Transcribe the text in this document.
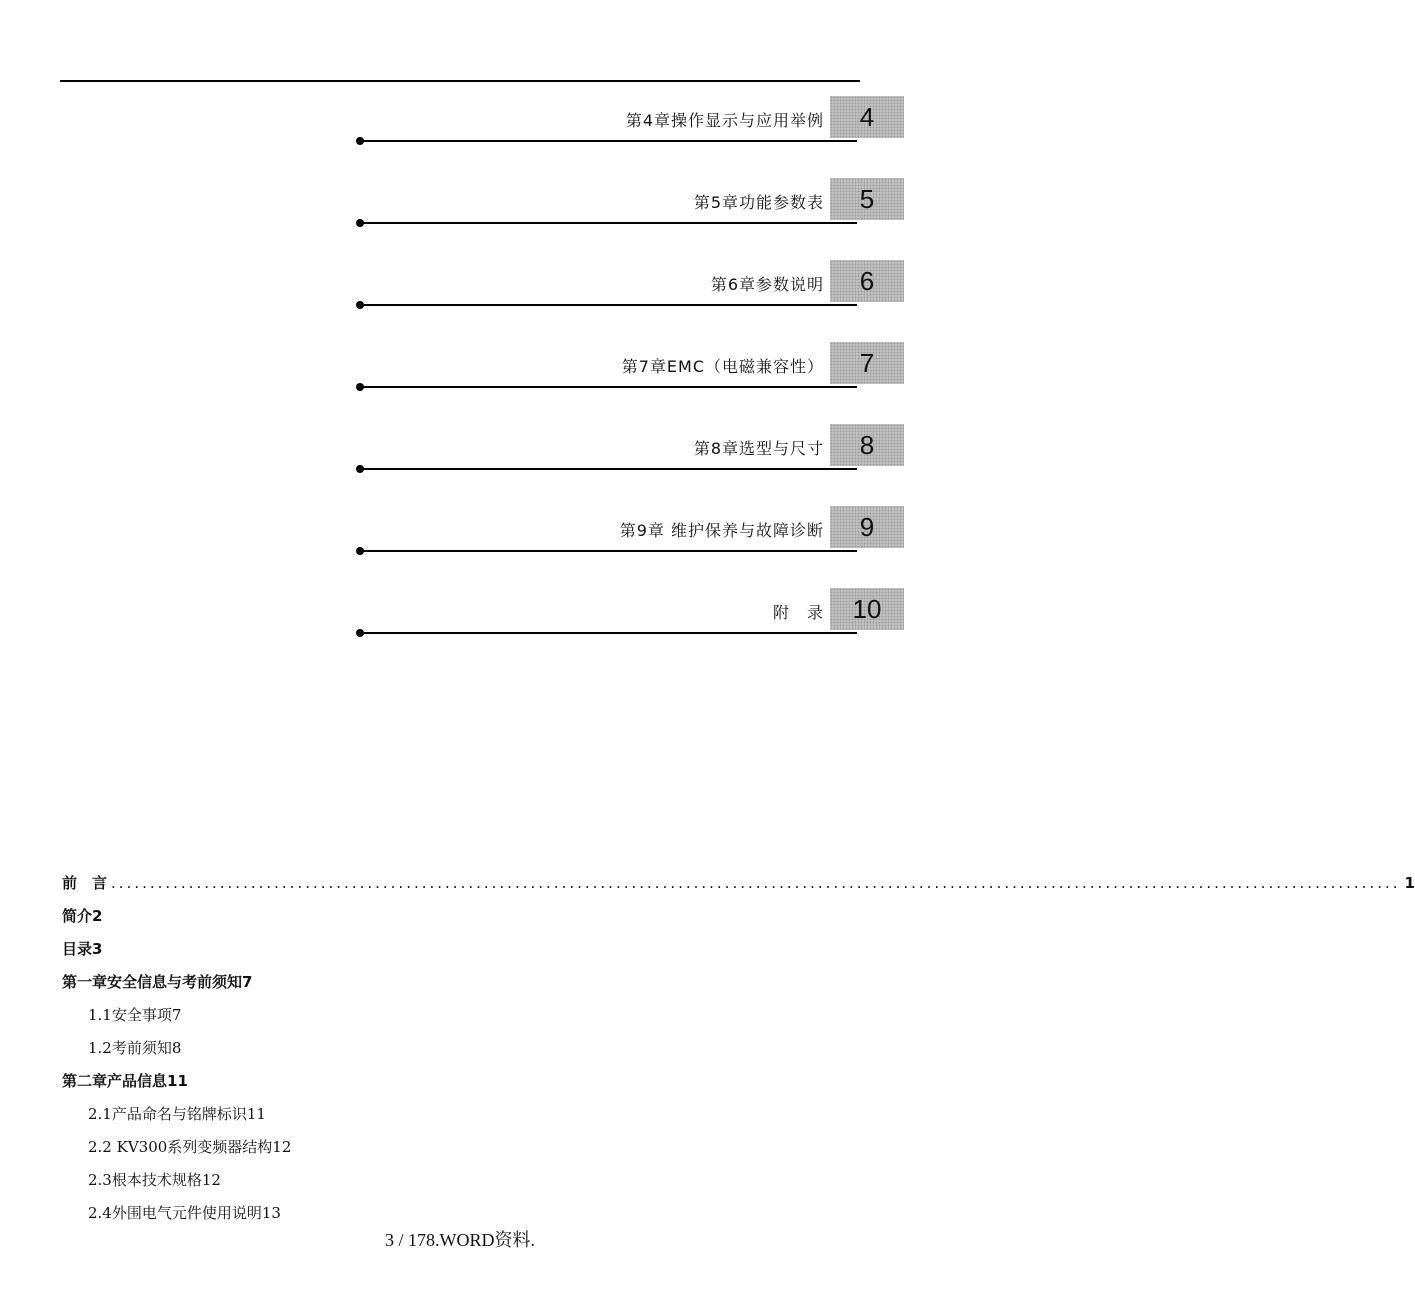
第4章操作显示与应用举例 4
第5章功能参数表 5
第6章参数说明 6
第7章EMC（电磁兼容性） 7
第8章选型与尺寸 8
第9章 维护保养与故障诊断 9
附　录 10
前　言 ...................................................................................................................................................................... 1
简介2
目录3
第一章安全信息与考前须知7
1.1安全事项7
1.2考前须知8
第二章产品信息11
2.1产品命名与铭牌标识11
2.2 KV300系列变频器结构12
2.3根本技术规格12
2.4外围电气元件使用说明13
3 / 178.WORD资料.
